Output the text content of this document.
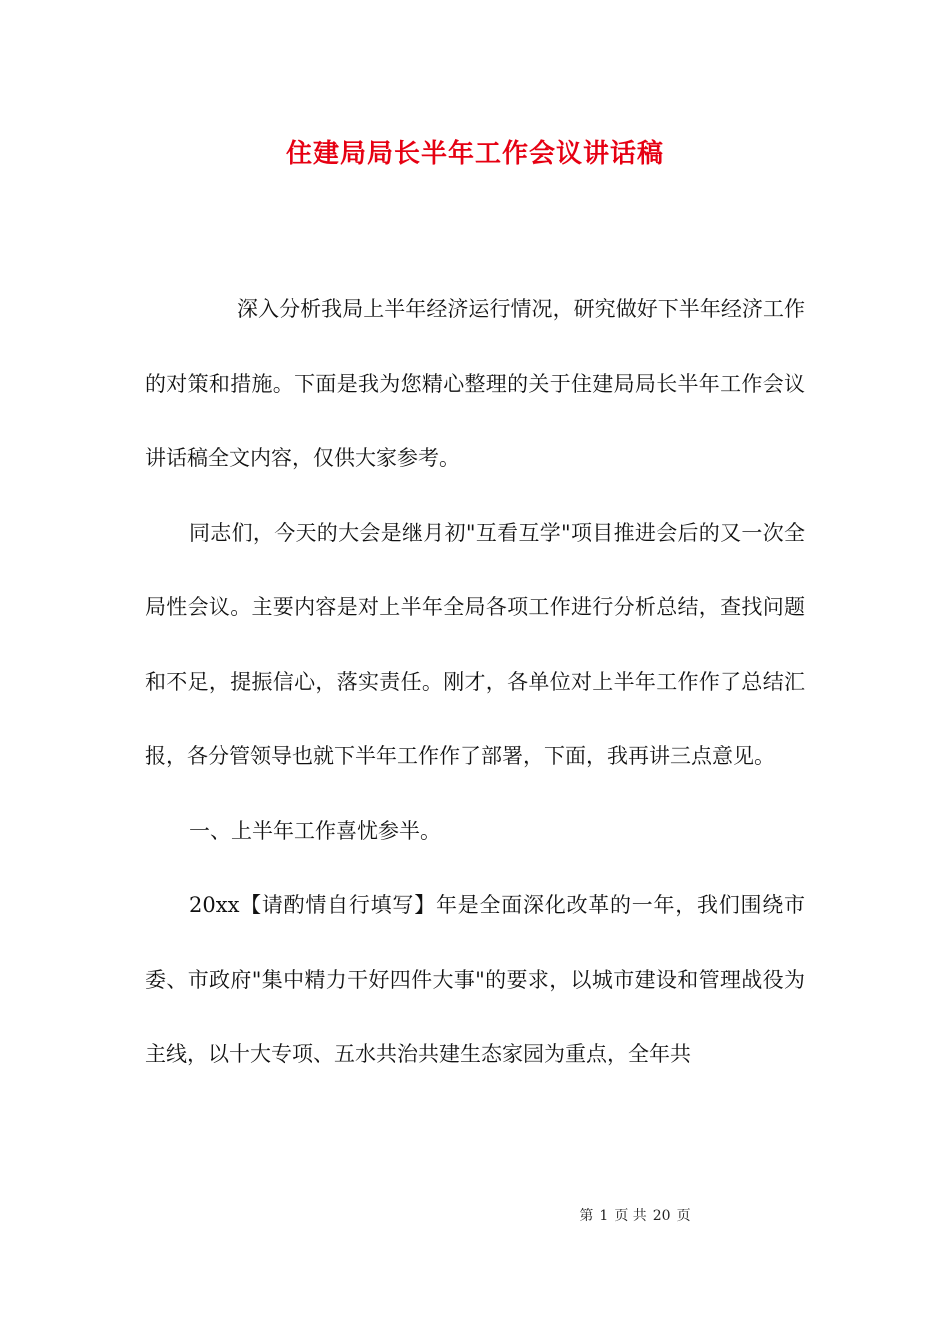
住建局局长半年工作会议讲话稿

深入分析我局上半年经济运行情况，研究做好下半年经济工作的对策和措施。下面是我为您精心整理的关于住建局局长半年工作会议讲话稿全文内容，仅供大家参考。

同志们，今天的大会是继月初"互看互学"项目推进会后的又一次全局性会议。主要内容是对上半年全局各项工作进行分析总结，查找问题和不足，提振信心，落实责任。刚才，各单位对上半年工作作了总结汇报，各分管领导也就下半年工作作了部署，下面，我再讲三点意见。

一、上半年工作喜忧参半。

20xx【请酌情自行填写】年是全面深化改革的一年，我们围绕市委、市政府"集中精力干好四件大事"的要求，以城市建设和管理战役为主线，以十大专项、五水共治共建生态家园为重点，全年共

第 1 页 共 20 页
